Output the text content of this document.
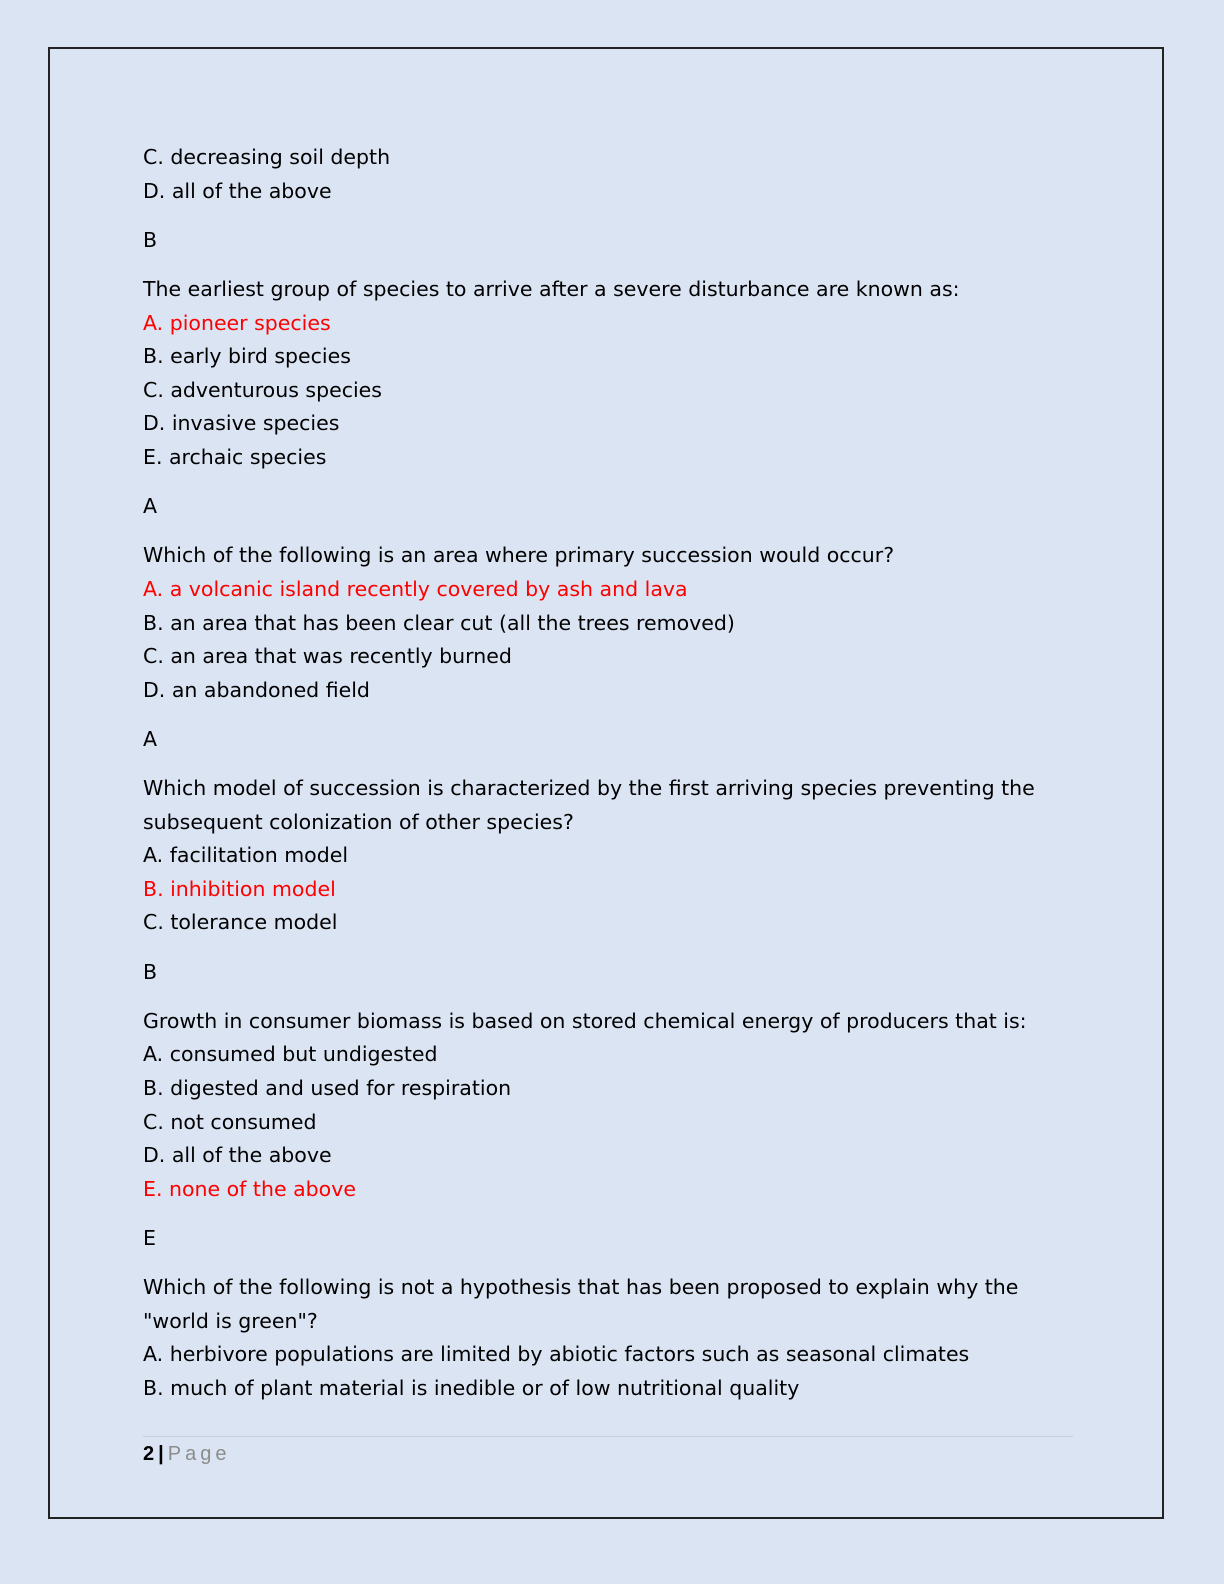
C. decreasing soil depth
D. all of the above
B
The earliest group of species to arrive after a severe disturbance are known as:
A. pioneer species
B. early bird species
C. adventurous species
D. invasive species
E. archaic species
A
Which of the following is an area where primary succession would occur?
A. a volcanic island recently covered by ash and lava
B. an area that has been clear cut (all the trees removed)
C. an area that was recently burned
D. an abandoned field
A
Which model of succession is characterized by the first arriving species preventing the subsequent colonization of other species?
A. facilitation model
B. inhibition model
C. tolerance model
B
Growth in consumer biomass is based on stored chemical energy of producers that is:
A. consumed but undigested
B. digested and used for respiration
C. not consumed
D. all of the above
E. none of the above
E
Which of the following is not a hypothesis that has been proposed to explain why the "world is green"?
A. herbivore populations are limited by abiotic factors such as seasonal climates
B. much of plant material is inedible or of low nutritional quality
2 | Page
